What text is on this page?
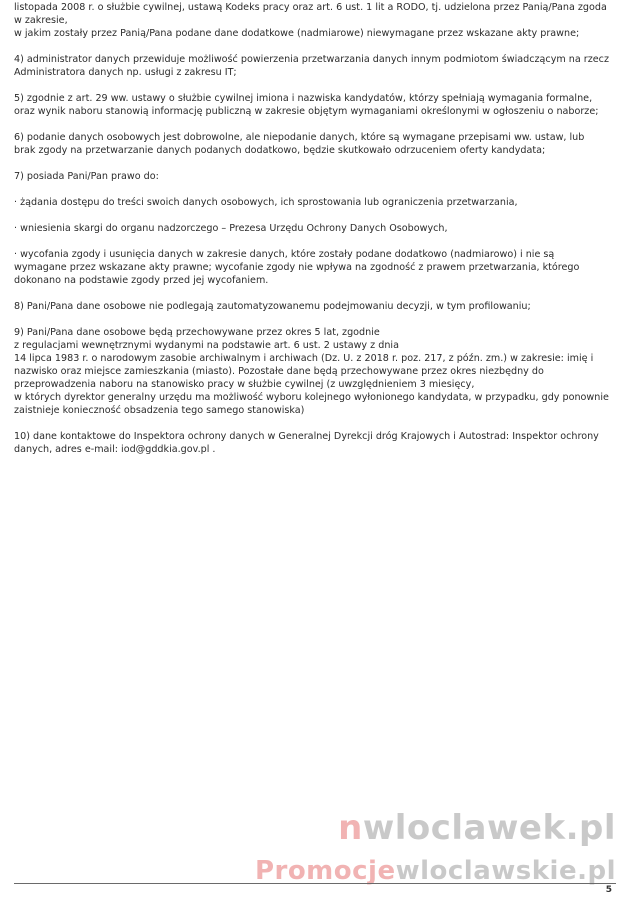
listopada 2008 r. o służbie cywilnej, ustawą Kodeks pracy oraz art. 6 ust. 1 lit a RODO, tj. udzielona przez Panią/Pana zgoda

w zakresie,

w jakim zostały przez Panią/Pana podane dane dodatkowe (nadmiarowe) niewymagane przez wskazane akty prawne;

4) administrator danych przewiduje możliwość powierzenia przetwarzania danych innym podmiotom świadczącym na rzecz

Administratora danych np. usługi z zakresu IT;

5) zgodnie z art. 29 ww. ustawy o służbie cywilnej imiona i nazwiska kandydatów, którzy spełniają wymagania formalne,

oraz wynik naboru stanowią informację publiczną w zakresie objętym wymaganiami określonymi w ogłoszeniu o naborze;

6) podanie danych osobowych jest dobrowolne, ale niepodanie danych, które są wymagane przepisami ww. ustaw, lub

brak zgody na przetwarzanie danych podanych dodatkowo, będzie skutkowało odrzuceniem oferty kandydata;

7) posiada Pani/Pan prawo do:

· żądania dostępu do treści swoich danych osobowych, ich sprostowania lub ograniczenia przetwarzania,

· wniesienia skargi do organu nadzorczego – Prezesa Urzędu Ochrony Danych Osobowych,

· wycofania zgody i usunięcia danych w zakresie danych, które zostały podane dodatkowo (nadmiarowo) i nie są

wymagane przez wskazane akty prawne; wycofanie zgody nie wpływa na zgodność z prawem przetwarzania, którego

dokonano na podstawie zgody przed jej wycofaniem.

8) Pani/Pana dane osobowe nie podlegają zautomatyzowanemu podejmowaniu decyzji, w tym profilowaniu;

9) Pani/Pana dane osobowe będą przechowywane przez okres 5 lat, zgodnie

z regulacjami wewnętrznymi wydanymi na podstawie art. 6 ust. 2 ustawy z dnia

14 lipca 1983 r. o narodowym zasobie archiwalnym i archiwach (Dz. U. z 2018 r. poz. 217, z późn. zm.) w zakresie: imię i

nazwisko oraz miejsce zamieszkania (miasto). Pozostałe dane będą przechowywane przez okres niezbędny do

przeprowadzenia naboru na stanowisko pracy w służbie cywilnej (z uwzględnieniem 3 miesięcy,

w których dyrektor generalny urzędu ma możliwość wyboru kolejnego wyłonionego kandydata, w przypadku, gdy ponownie

zaistnieje konieczność obsadzenia tego samego stanowiska)

10) dane kontaktowe do Inspektora ochrony danych w Generalnej Dyrekcji dróg Krajowych i Autostrad: Inspektor ochrony

danych, adres e-mail: iod@gddkia.gov.pl .

nwloclawek.pl
Promocjewloclawskie.pl
5
